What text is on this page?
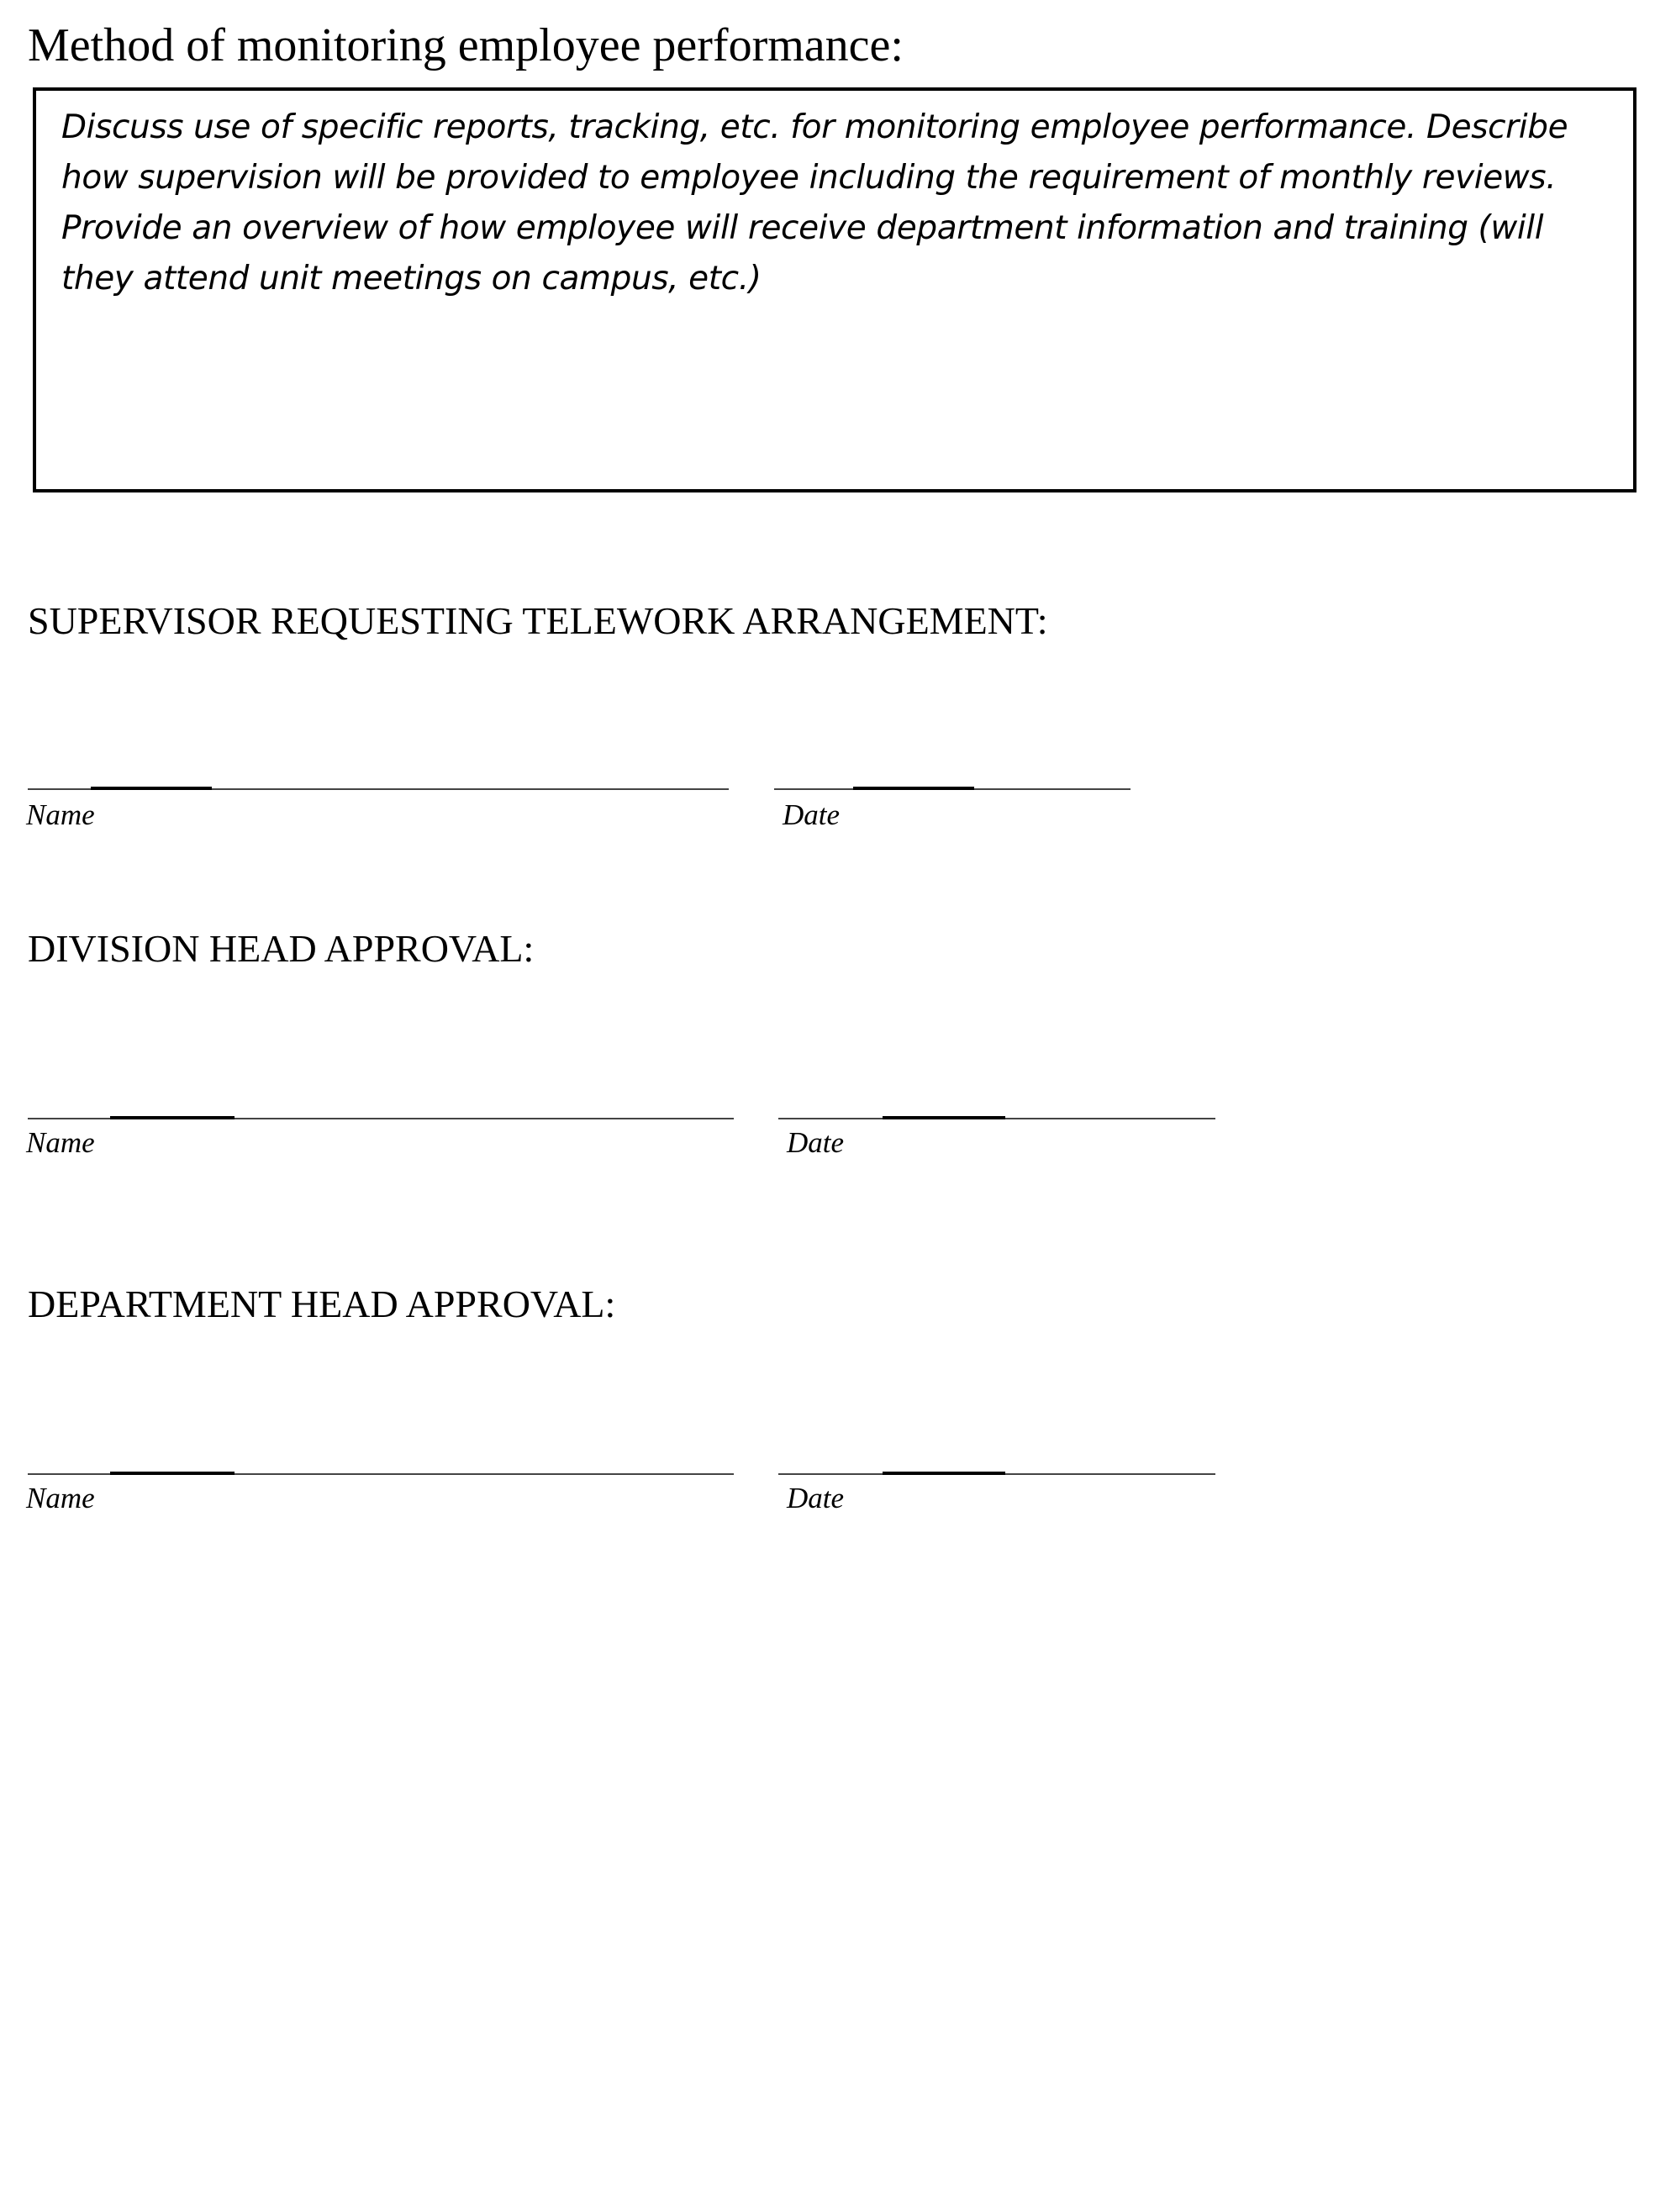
Method of monitoring employee performance:
Discuss use of specific reports, tracking, etc. for monitoring employee performance. Describe how supervision will be provided to employee including the requirement of monthly reviews. Provide an overview of how employee will receive department information and training (will they attend unit meetings on campus, etc.)
SUPERVISOR REQUESTING TELEWORK ARRANGEMENT:
Name	Date
DIVISION HEAD APPROVAL:
Name	Date
DEPARTMENT HEAD APPROVAL:
Name	Date
